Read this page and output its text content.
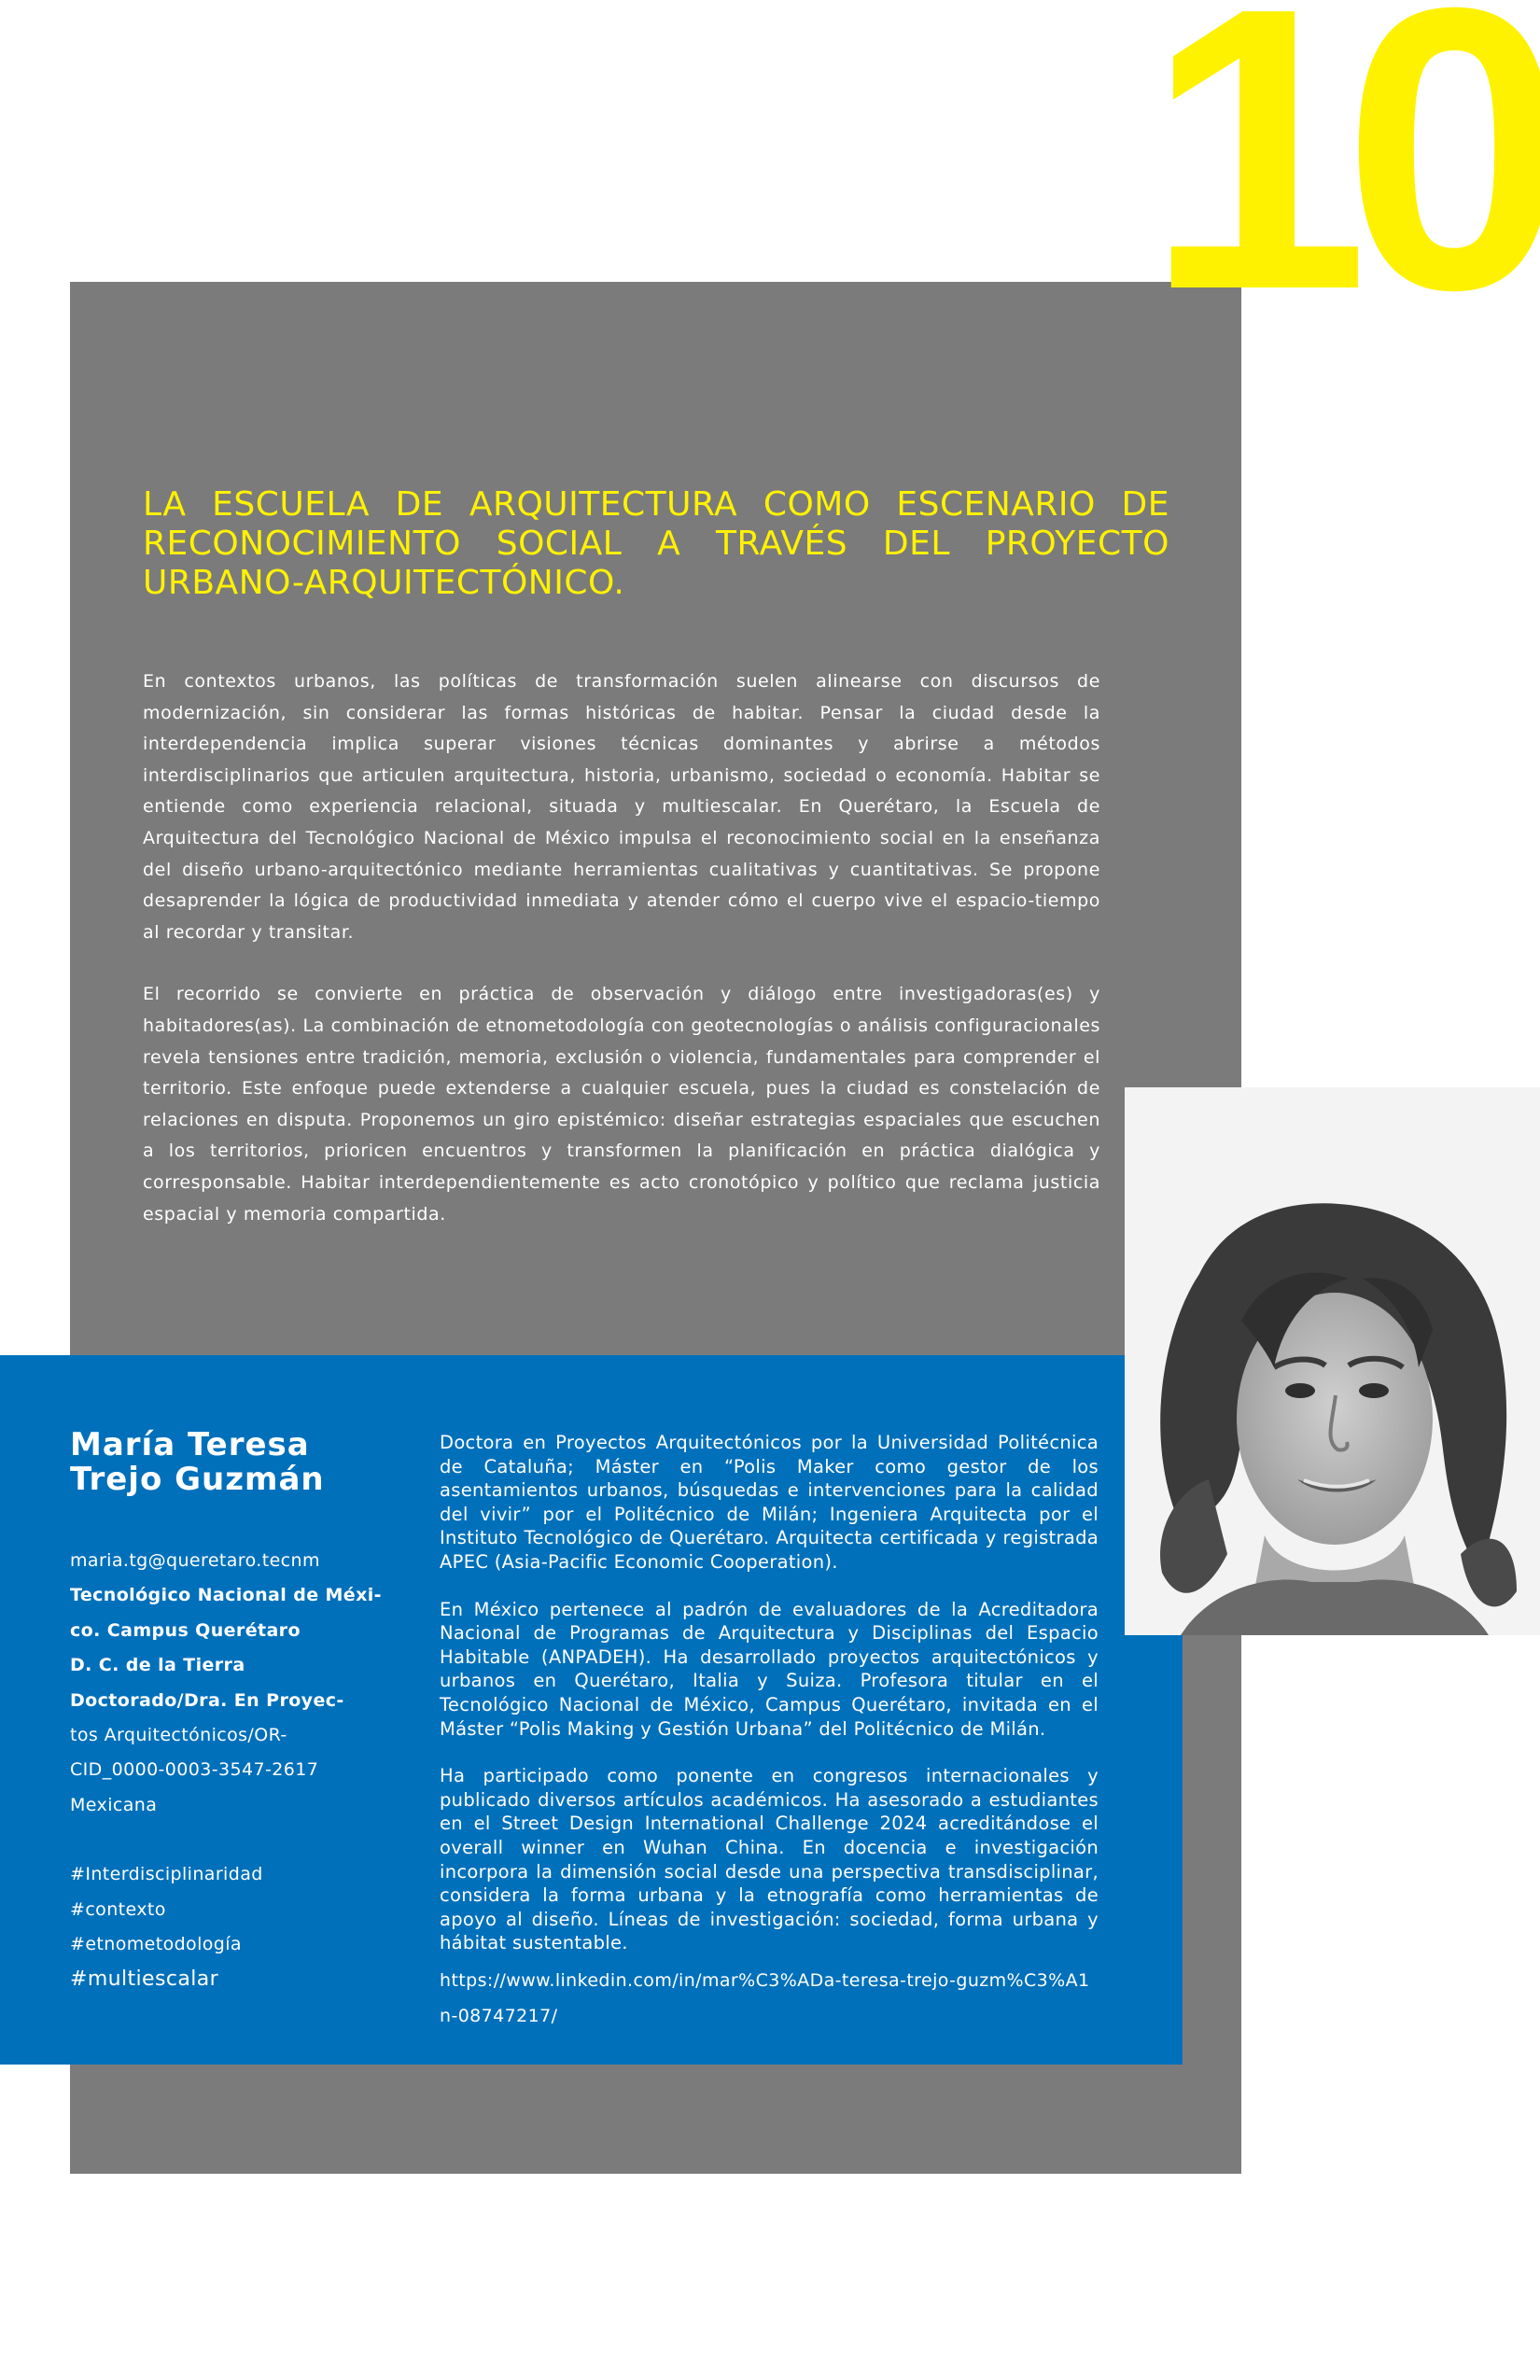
10
LA ESCUELA DE ARQUITECTURA COMO ESCENARIO DE RECONOCIMIENTO SOCIAL A TRAVÉS DEL PROYECTO URBANO-ARQUITECTÓNICO.

En contextos urbanos, las políticas de transformación suelen alinearse con discursos de modernización, sin considerar las formas históricas de habitar. Pensar la ciudad desde la interdependencia implica superar visiones técnicas dominantes y abrirse a métodos interdisciplinarios que articulen arquitectura, historia, urbanismo, sociedad o economía. Habitar se entiende como experiencia relacional, situada y multiescalar. En Querétaro, la Escuela de Arquitectura del Tecnológico Nacional de México impulsa el reconocimiento social en la enseñanza del diseño urbano-arquitectónico mediante herramientas cualitativas y cuantitativas. Se propone desaprender la lógica de productividad inmediata y atender cómo el cuerpo vive el espacio-tiempo al recordar y transitar.

El recorrido se convierte en práctica de observación y diálogo entre investigadoras(es) y habitadores(as). La combinación de etnometodología con geotecnologías o análisis configuracionales revela tensiones entre tradición, memoria, exclusión o violencia, fundamentales para comprender el territorio. Este enfoque puede extenderse a cualquier escuela, pues la ciudad es constelación de relaciones en disputa. Proponemos un giro epistémico: diseñar estrategias espaciales que escuchen a los territorios, prioricen encuentros y transformen la planificación en práctica dialógica y corresponsable. Habitar interdependientemente es acto cronotópico y político que reclama justicia espacial y memoria compartida.

María Teresa
Trejo Guzmán
maria.tg@queretaro.tecnm
Tecnológico Nacional de Méxi-
co. Campus Querétaro
D. C. de la Tierra
Doctorado/Dra. En Proyec-
tos Arquitectónicos/OR-
CID_0000-0003-3547-2617
Mexicana
#Interdisciplinaridad
#contexto
#etnometodología
#multiescalar

Doctora en Proyectos Arquitectónicos por la Universidad Politécnica de Cataluña; Máster en “Polis Maker como gestor de los asentamientos urbanos, búsquedas e intervenciones para la calidad del vivir” por el Politécnico de Milán; Ingeniera Arquitecta por el Instituto Tecnológico de Querétaro. Arquitecta certificada y registrada APEC (Asia-Pacific Economic Cooperation).

En México pertenece al padrón de evaluadores de la Acreditadora Nacional de Programas de Arquitectura y Disciplinas del Espacio Habitable (ANPADEH). Ha desarrollado proyectos arquitectónicos y urbanos en Querétaro, Italia y Suiza. Profesora titular en el Tecnológico Nacional de México, Campus Querétaro, invitada en el Máster “Polis Making y Gestión Urbana” del Politécnico de Milán.

Ha participado como ponente en congresos internacionales y publicado diversos artículos académicos. Ha asesorado a estudiantes en el Street Design International Challenge 2024 acreditándose el overall winner en Wuhan China. En docencia e investigación incorpora la dimensión social desde una perspectiva transdisciplinar, considera la forma urbana y la etnografía como herramientas de apoyo al diseño. Líneas de investigación: sociedad, forma urbana y hábitat sustentable.

https://www.linkedin.com/in/mar%C3%ADa-teresa-trejo-guzm%C3%A1n-08747217/
